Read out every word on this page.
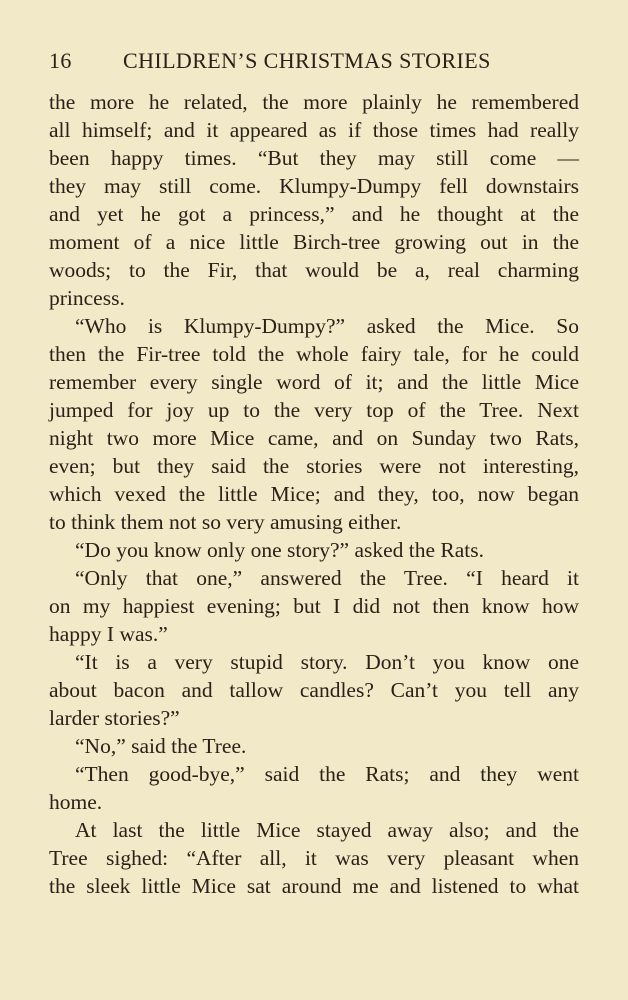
16 CHILDREN’S CHRISTMAS STORIES
the more he related, the more plainly he remembered
all himself; and it appeared as if those times had really
been happy times. “But they may still come —
they may still come. Klumpy-Dumpy fell downstairs
and yet he got a princess,” and he thought at the
moment of a nice little Birch-tree growing out in the
woods; to the Fir, that would be a, real charming
princess.
“Who is Klumpy-Dumpy?” asked the Mice. So
then the Fir-tree told the whole fairy tale, for he could
remember every single word of it; and the little Mice
jumped for joy up to the very top of the Tree. Next
night two more Mice came, and on Sunday two Rats,
even; but they said the stories were not interesting,
which vexed the little Mice; and they, too, now began
to think them not so very amusing either.
“Do you know only one story?” asked the Rats.
“Only that one,” answered the Tree. “I heard it
on my happiest evening; but I did not then know how
happy I was.”
“It is a very stupid story. Don’t you know one
about bacon and tallow candles? Can’t you tell any
larder stories?”
“No,” said the Tree.
“Then good-bye,” said the Rats; and they went
home.
At last the little Mice stayed away also; and the
Tree sighed: “After all, it was very pleasant when
the sleek little Mice sat around me and listened to what
